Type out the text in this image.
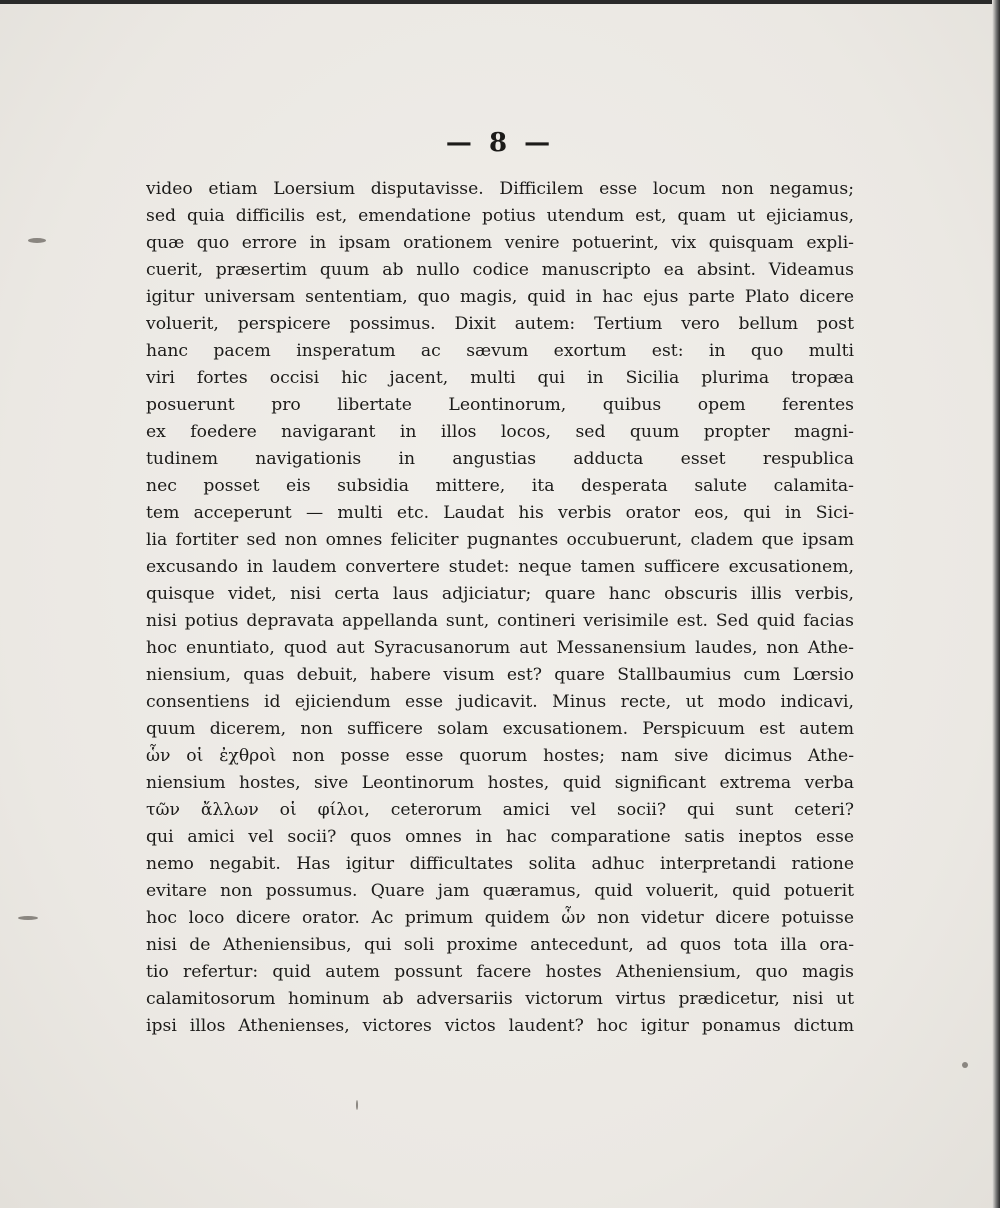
— 8 —
video etiam Loersium disputavisse. Difficilem esse locum non negamus;
sed quia difficilis est, emendatione potius utendum est, quam ut ejiciamus,
quæ quo errore in ipsam orationem venire potuerint, vix quisquam expli-
cuerit, præsertim quum ab nullo codice manuscripto ea absint. Videamus
igitur universam sententiam, quo magis, quid in hac ejus parte Plato dicere
voluerit, perspicere possimus. Dixit autem: Tertium vero bellum post
hanc pacem insperatum ac sævum exortum est: in quo multi
viri fortes occisi hic jacent, multi qui in Sicilia plurima tropæa
posuerunt pro libertate Leontinorum, quibus opem ferentes
ex foedere navigarant in illos locos, sed quum propter magni-
tudinem navigationis in angustias adducta esset respublica
nec posset eis subsidia mittere, ita desperata salute calamita-
tem acceperunt — multi etc. Laudat his verbis orator eos, qui in Sici-
lia fortiter sed non omnes feliciter pugnantes occubuerunt, cladem que ipsam
excusando in laudem convertere studet: neque tamen sufficere excusationem,
quisque videt, nisi certa laus adjiciatur; quare hanc obscuris illis verbis,
nisi potius depravata appellanda sunt, contineri verisimile est. Sed quid facias
hoc enuntiato, quod aut Syracusanorum aut Messanensium laudes, non Athe-
niensium, quas debuit, habere visum est? quare Stallbaumius cum Lœrsio
consentiens id ejiciendum esse judicavit. Minus recte, ut modo indicavi,
quum dicerem, non sufficere solam excusationem. Perspicuum est autem
ὧν οἱ ἐχθροὶ non posse esse quorum hostes; nam sive dicimus Athe-
niensium hostes, sive Leontinorum hostes, quid significant extrema verba
τῶν ἄλλων οἱ φίλοι, ceterorum amici vel socii? qui sunt ceteri?
qui amici vel socii? quos omnes in hac comparatione satis ineptos esse
nemo negabit. Has igitur difficultates solita adhuc interpretandi ratione
evitare non possumus. Quare jam quæramus, quid voluerit, quid potuerit
hoc loco dicere orator. Ac primum quidem ὧν non videtur dicere potuisse
nisi de Atheniensibus, qui soli proxime antecedunt, ad quos tota illa ora-
tio refertur: quid autem possunt facere hostes Atheniensium, quo magis
calamitosorum hominum ab adversariis victorum virtus prædicetur, nisi ut
ipsi illos Athenienses, victores victos laudent? hoc igitur ponamus dictum
